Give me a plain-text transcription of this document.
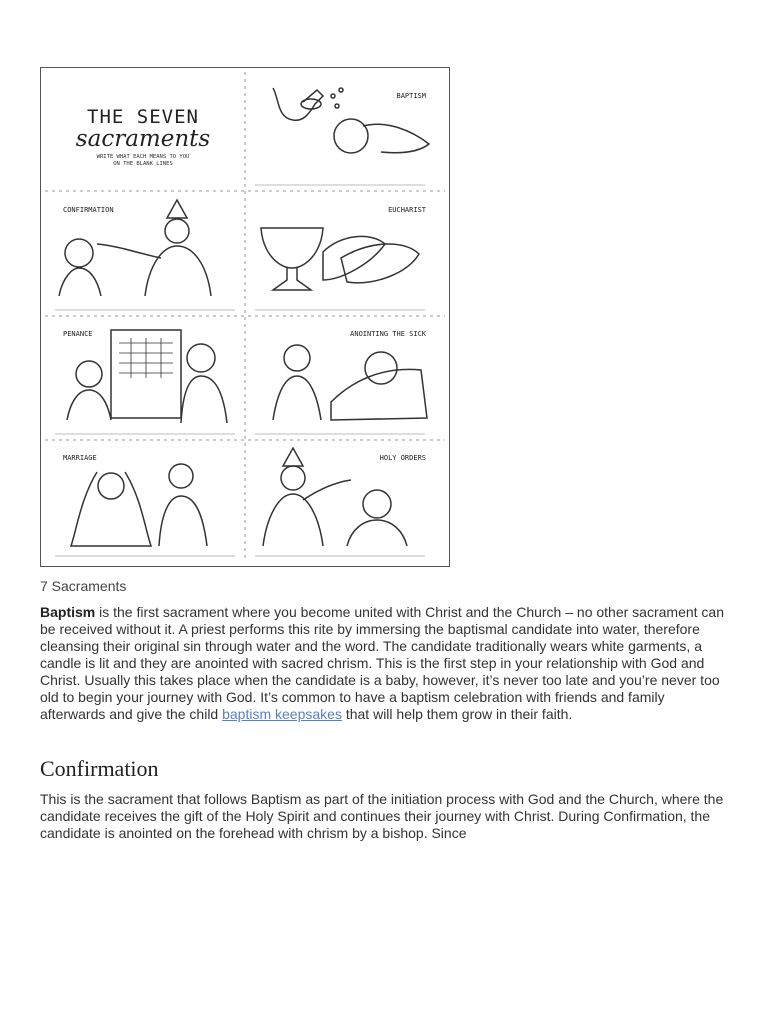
THE SEVEN
sacraments
WRITE WHAT EACH MEANS TO YOU
ON THE BLANK LINES
BAPTISM
CONFIRMATION	EUCHARIST
PENANCE	ANOINTING THE SICK
MARRIAGE	HOLY ORDERS
7 Sacraments

Baptism is the first sacrament where you become united with Christ and the Church – no other sacrament can be received without it. A priest performs this rite by immersing the baptismal candidate into water, therefore cleansing their original sin through water and the word. The candidate traditionally wears white garments, a candle is lit and they are anointed with sacred chrism. This is the first step in your relationship with God and Christ. Usually this takes place when the candidate is a baby, however, it’s never too late and you’re never too old to begin your journey with God. It’s common to have a baptism celebration with friends and family afterwards and give the child baptism keepsakes that will help them grow in their faith.

Confirmation

This is the sacrament that follows Baptism as part of the initiation process with God and the Church, where the candidate receives the gift of the Holy Spirit and continues their journey with Christ. During Confirmation, the candidate is anointed on the forehead with chrism by a bishop. Since
